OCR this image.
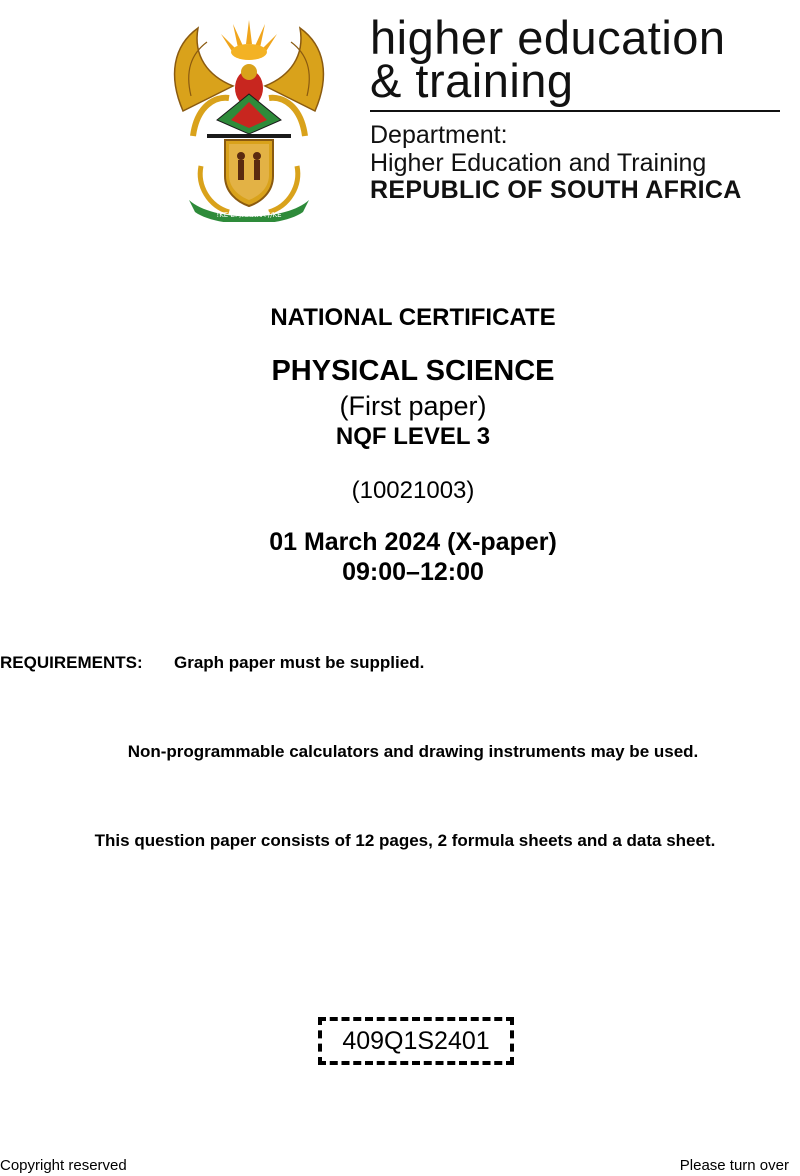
!KE E: /XARRA //KE
higher education
& training
Department:
Higher Education and Training
REPUBLIC OF SOUTH AFRICA
NATIONAL CERTIFICATE
PHYSICAL SCIENCE
(First paper)
NQF LEVEL 3
(10021003)
01 March 2024 (X-paper)
09:00–12:00
REQUIREMENTS: Graph paper must be supplied.
Non-programmable calculators and drawing instruments may be used.
This question paper consists of 12 pages, 2 formula sheets and a data sheet.
409Q1S2401
Copyright reserved	Please turn over
